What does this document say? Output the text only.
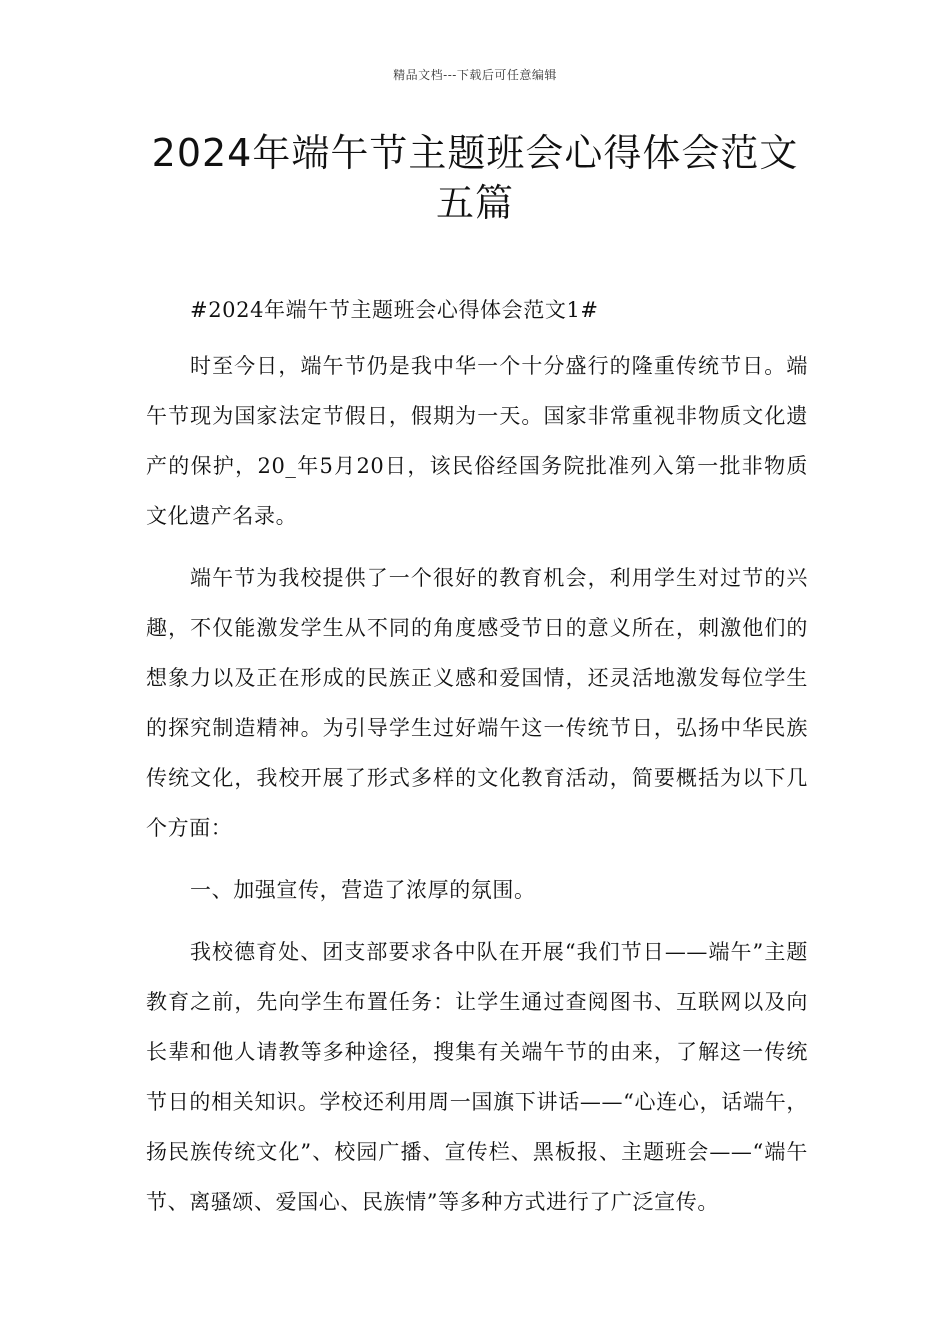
精品文档---下载后可任意编辑
2024年端午节主题班会心得体会范文五篇

#2024年端午节主题班会心得体会范文1#

时至今日，端午节仍是我中华一个十分盛行的隆重传统节日。端午节现为国家法定节假日，假期为一天。国家非常重视非物质文化遗产的保护，20_年5月20日，该民俗经国务院批准列入第一批非物质文化遗产名录。

端午节为我校提供了一个很好的教育机会，利用学生对过节的兴趣，不仅能激发学生从不同的角度感受节日的意义所在，刺激他们的想象力以及正在形成的民族正义感和爱国情，还灵活地激发每位学生的探究制造精神。为引导学生过好端午这一传统节日，弘扬中华民族传统文化，我校开展了形式多样的文化教育活动，简要概括为以下几个方面：

一、加强宣传，营造了浓厚的氛围。

我校德育处、团支部要求各中队在开展“我们节日——端午”主题教育之前，先向学生布置任务：让学生通过查阅图书、互联网以及向长辈和他人请教等多种途径，搜集有关端午节的由来，了解这一传统节日的相关知识。学校还利用周一国旗下讲话——“心连心，话端午，扬民族传统文化”、校园广播、宣传栏、黑板报、主题班会——“端午节、离骚颂、爱国心、民族情”等多种方式进行了广泛宣传。
